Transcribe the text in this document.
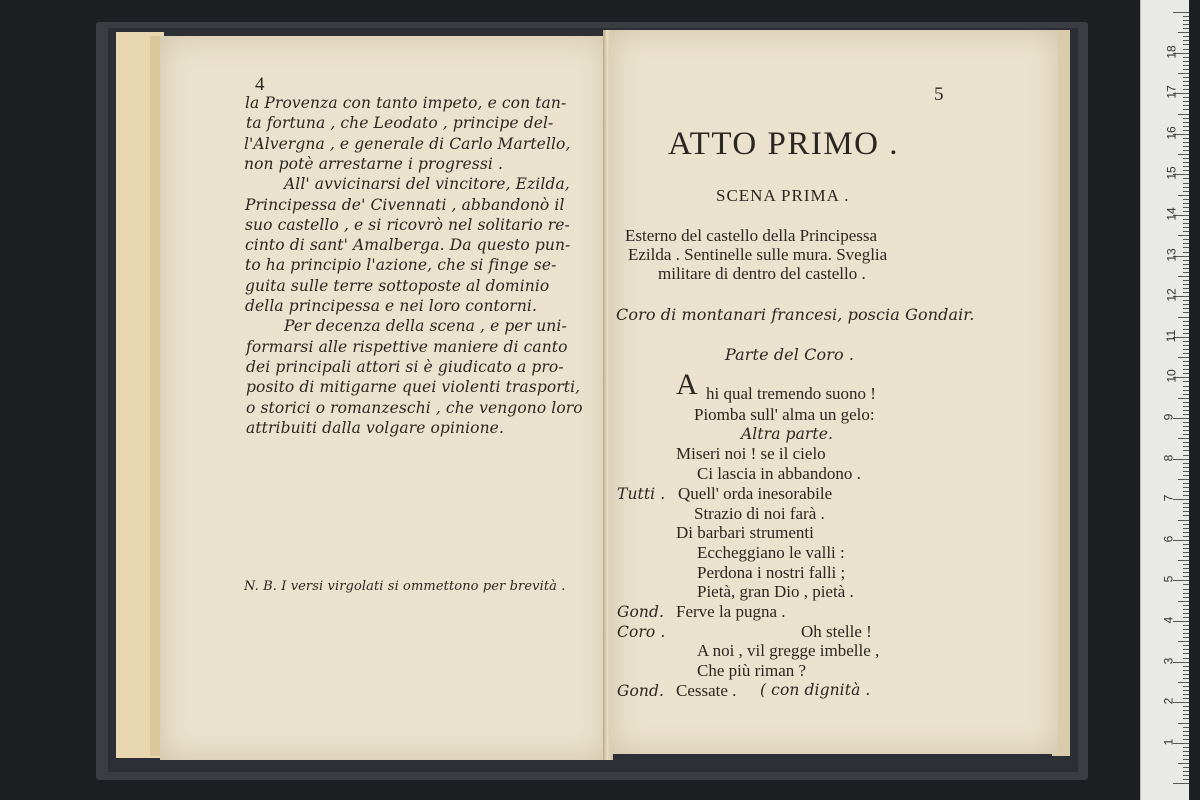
4
la Provenza con tanto impeto, e con tan-
ta fortuna , che Leodato , principe del-
l'Alvergna , e generale di Carlo Martello,
non potè arrestarne i progressi .
All' avvicinarsi del vincitore, Ezilda,
Principessa de' Civennati , abbandonò il
suo castello , e si ricovrò nel solitario re-
cinto di sant' Amalberga. Da questo pun-
to ha principio l'azione, che si finge se-
guita sulle terre sottoposte al dominio
della principessa e nei loro contorni.
Per decenza della scena , e per uni-
formarsi alle rispettive maniere di canto
dei principali attori si è giudicato a pro-
posito di mitigarne quei violenti trasporti,
o storici o romanzeschi , che vengono loro
attribuiti dalla volgare opinione.
N. B. I versi virgolati si ommettono per brevità .
5
ATTO PRIMO .
SCENA PRIMA .
Esterno del castello della Principessa
Ezilda . Sentinelle sulle mura. Sveglia
militare di dentro del castello .
Coro di montanari francesi, poscia Gondair.
Parte del Coro .
A hi qual tremendo suono !
Piomba sull' alma un gelo:
Altra parte.
Miseri noi ! se il cielo
Ci lascia in abbandono .
Tutti . Quell' orda inesorabile
Strazio di noi farà .
Di barbari strumenti
Eccheggiano le valli :
Perdona i nostri falli ;
Pietà, gran Dio , pietà .
Gond. Ferve la pugna .
Coro .	Oh stelle !
A noi , vil gregge imbelle ,
Che più riman ?
Gond. Cessate . ( con dignità .
18
17
16
15
14
13
12
11
10
9
8
7
6
5
4
3
2
1
